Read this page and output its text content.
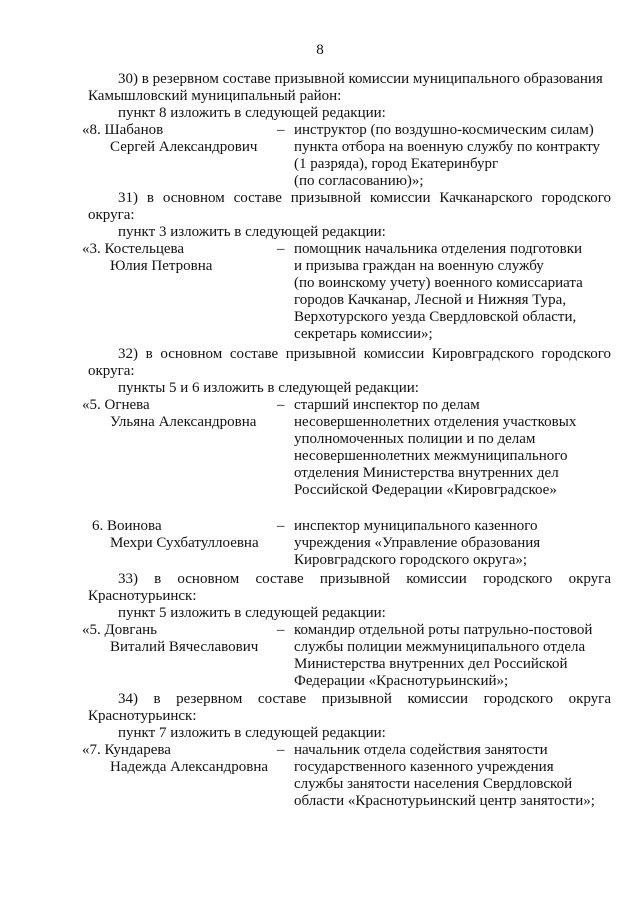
8
30) в резервном составе призывной комиссии муниципального образования
Камышловский муниципальный район:
пункт 8 изложить в следующей редакции:
«8. Шабанов
Сергей Александрович
– инструктор (по воздушно-космическим силам)
пункта отбора на военную службу по контракту
(1 разряда), город Екатеринбург
(по согласованию)»;
31) в основном составе призывной комиссии Качканарского городского
округа:
пункт 3 изложить в следующей редакции:
«3. Костельцева
Юлия Петровна
– помощник начальника отделения подготовки
и призыва граждан на военную службу
(по воинскому учету) военного комиссариата
городов Качканар, Лесной и Нижняя Тура,
Верхотурского уезда Свердловской области,
секретарь комиссии»;
32) в основном составе призывной комиссии Кировградского городского
округа:
пункты 5 и 6 изложить в следующей редакции:
«5. Огнева
Ульяна Александровна
– старший инспектор по делам
несовершеннолетних отделения участковых
уполномоченных полиции и по делам
несовершеннолетних межмуниципального
отделения Министерства внутренних дел
Российской Федерации «Кировградское»
6. Воинова
Мехри Сухбатуллоевна
– инспектор муниципального казенного
учреждения «Управление образования
Кировградского городского округа»;
33) в основном составе призывной комиссии городского округа
Краснотурьинск:
пункт 5 изложить в следующей редакции:
«5. Довгань
Виталий Вячеславович
– командир отдельной роты патрульно-постовой
службы полиции межмуниципального отдела
Министерства внутренних дел Российской
Федерации «Краснотурьинский»;
34) в резервном составе призывной комиссии городского округа
Краснотурьинск:
пункт 7 изложить в следующей редакции:
«7. Кундарева
Надежда Александровна
– начальник отдела содействия занятости
государственного казенного учреждения
службы занятости населения Свердловской
области «Краснотурьинский центр занятости»;
